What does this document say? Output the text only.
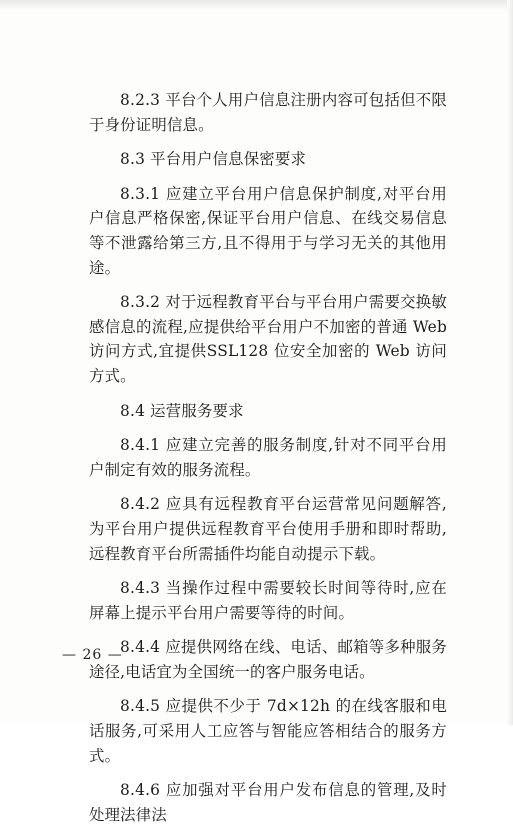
8.2.3 平台个人用户信息注册内容可包括但不限于身份证明信息。

8.3 平台用户信息保密要求

8.3.1 应建立平台用户信息保护制度,对平台用户信息严格保密,保证平台用户信息、在线交易信息等不泄露给第三方,且不得用于与学习无关的其他用途。

8.3.2 对于远程教育平台与平台用户需要交换敏感信息的流程,应提供给平台用户不加密的普通 Web 访问方式,宜提供SSL128 位安全加密的 Web 访问方式。

8.4 运营服务要求

8.4.1 应建立完善的服务制度,针对不同平台用户制定有效的服务流程。

8.4.2 应具有远程教育平台运营常见问题解答,为平台用户提供远程教育平台使用手册和即时帮助,远程教育平台所需插件均能自动提示下载。

8.4.3 当操作过程中需要较长时间等待时,应在屏幕上提示平台用户需要等待的时间。

8.4.4 应提供网络在线、电话、邮箱等多种服务途径,电话宜为全国统一的客户服务电话。

8.4.5 应提供不少于 7d×12h 的在线客服和电话服务,可采用人工应答与智能应答相结合的服务方式。

8.4.6 应加强对平台用户发布信息的管理,及时处理法律法

— 26 —
